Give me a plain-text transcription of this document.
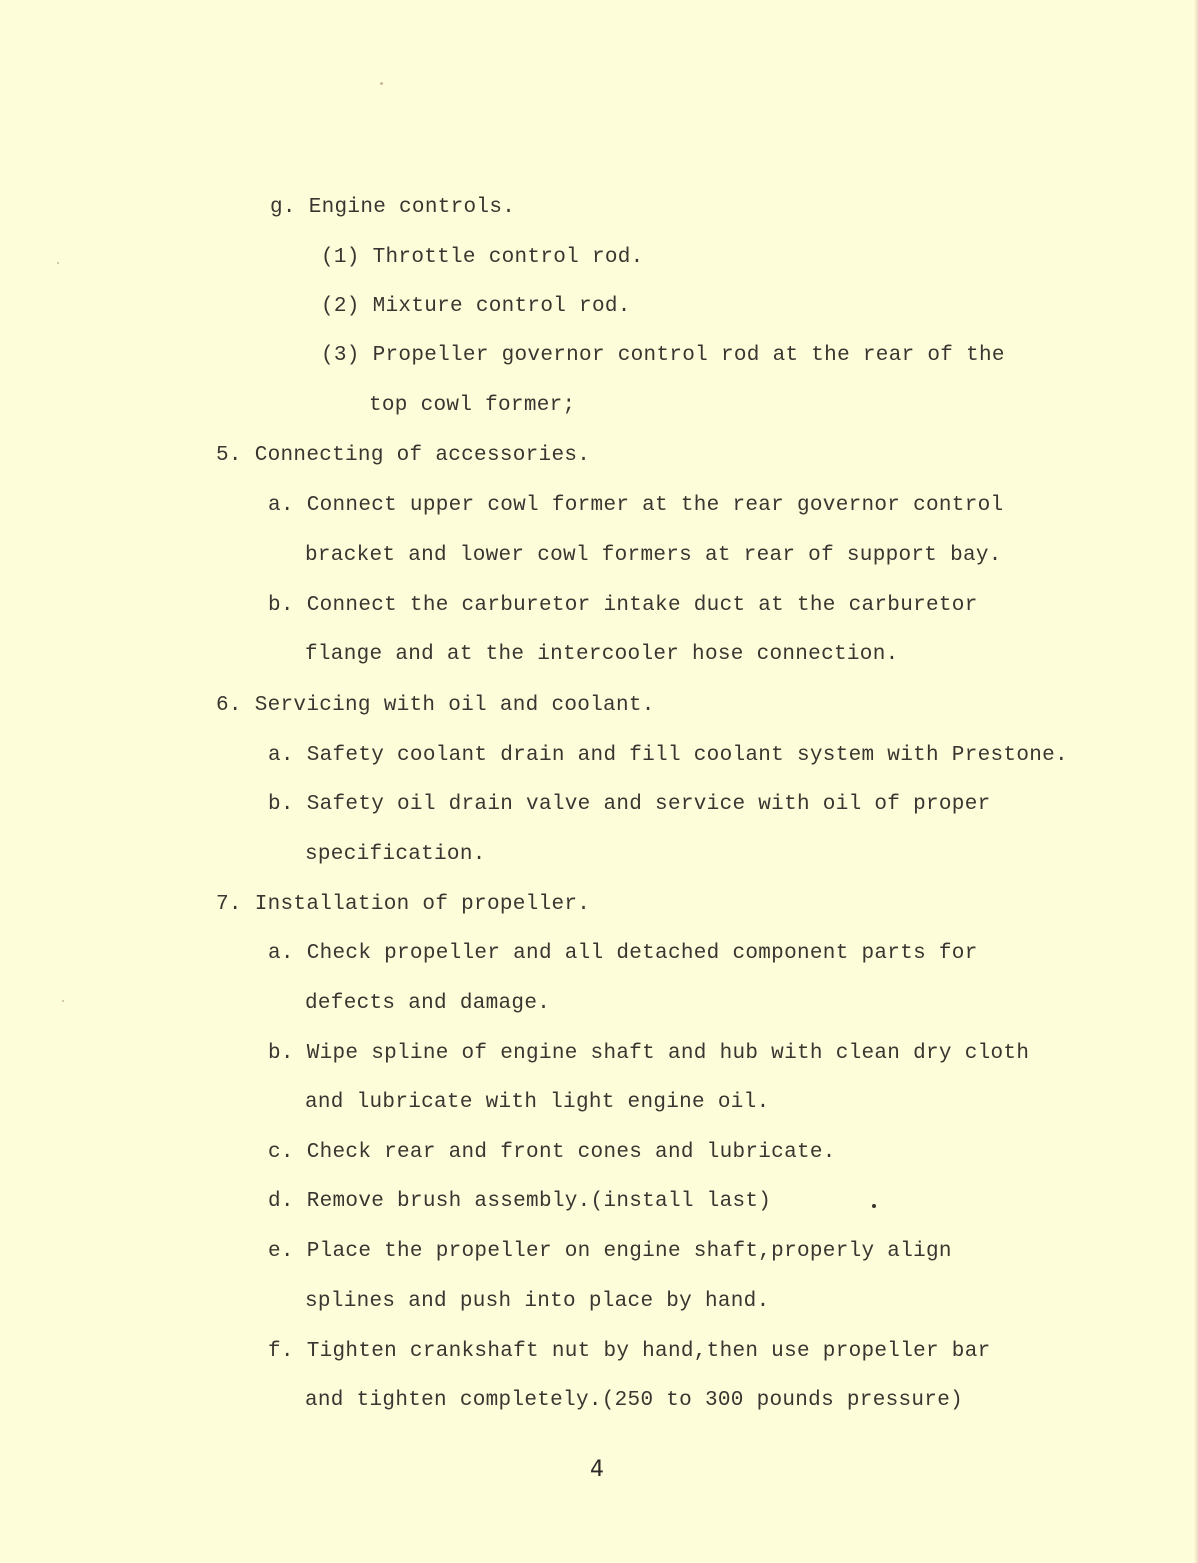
g. Engine controls.
(1) Throttle control rod.
(2) Mixture control rod.
(3) Propeller governor control rod at the rear of the
top cowl former;
5. Connecting of accessories.
a. Connect upper cowl former at the rear governor control
bracket and lower cowl formers at rear of support bay.
b. Connect the carburetor intake duct at the carburetor
flange and at the intercooler hose connection.
6. Servicing with oil and coolant.
a. Safety coolant drain and fill coolant system with Prestone.
b. Safety oil drain valve and service with oil of proper
specification.
7. Installation of propeller.
a. Check propeller and all detached component parts for
defects and damage.
b. Wipe spline of engine shaft and hub with clean dry cloth
and lubricate with light engine oil.
c. Check rear and front cones and lubricate.
d. Remove brush assembly.(install last)
e. Place the propeller on engine shaft,properly align
splines and push into place by hand.
f. Tighten crankshaft nut by hand,then use propeller bar
and tighten completely.(250 to 300 pounds pressure)
4
